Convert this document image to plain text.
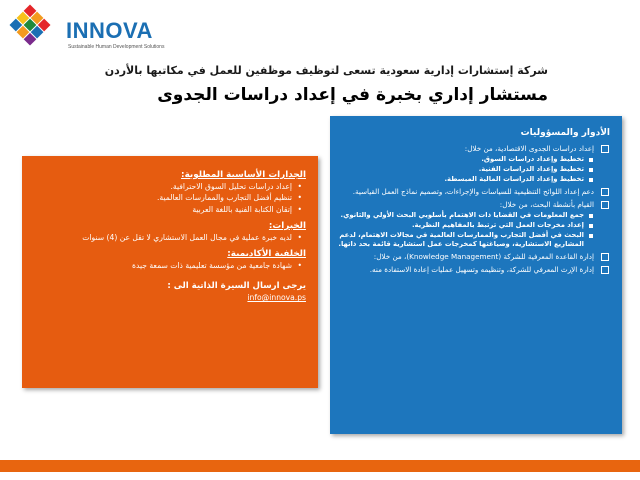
INNOVA
Sustainable Human Development Solutions
شركة إستشارات إدارية سعودية تسعى لتوظيف موظفين للعمل في مكاتبها بالأردن
مستشار إداري بخبرة في إعداد دراسات الجدوى
الجدارات الأساسية المطلوبة:
• إعداد دراسات تحليل السوق الاحترافية.
• تنظيم أفضل التجارب والممارسات العالمية.
• إتقان الكتابة الفنية باللغة العربية
الخبرات:
• لديه خبرة عملية في مجال العمل الاستشاري لا تقل عن (4) سنوات
الخلفية الأكاديمية:
• شهادة جامعية من مؤسسة تعليمية ذات سمعة جيدة
يرجى ارسال السيرة الذاتية الى :
info@innova.ps
الأدوار والمسؤوليات
إعداد دراسات الجدوى الاقتصادية، من خلال:
تخطيط وإعداد دراسات السوق.
تخطيط وإعداد الدراسات الفنية.
تخطيط وإعداد الدراسات المالية المبسطة.
دعم إعداد اللوائح التنظيمية للسياسات والإجراءات، وتصميم نماذج العمل القياسية.
القيام بأنشطة البحث، من خلال:
جمع المعلومات في القضايا ذات الاهتمام بأسلوبي البحث الأولي والثانوي.
إعداد مخرجات العمل التي ترتبط بالمفاهيم النظرية.
البحث في أفضل التجارب والممارسات العالمية في مجالات الاهتمام، لدعم المشاريع الاستشارية، وصياغتها كمخرجات عمل استشارية قائمة بحد ذاتها.
إدارة القاعدة المعرفية للشركة (Knowledge Management)، من خلال:
إدارة الإرث المعرفي للشركة، وتنظيمه وتسهيل عمليات إعادة الاستفادة منه.
